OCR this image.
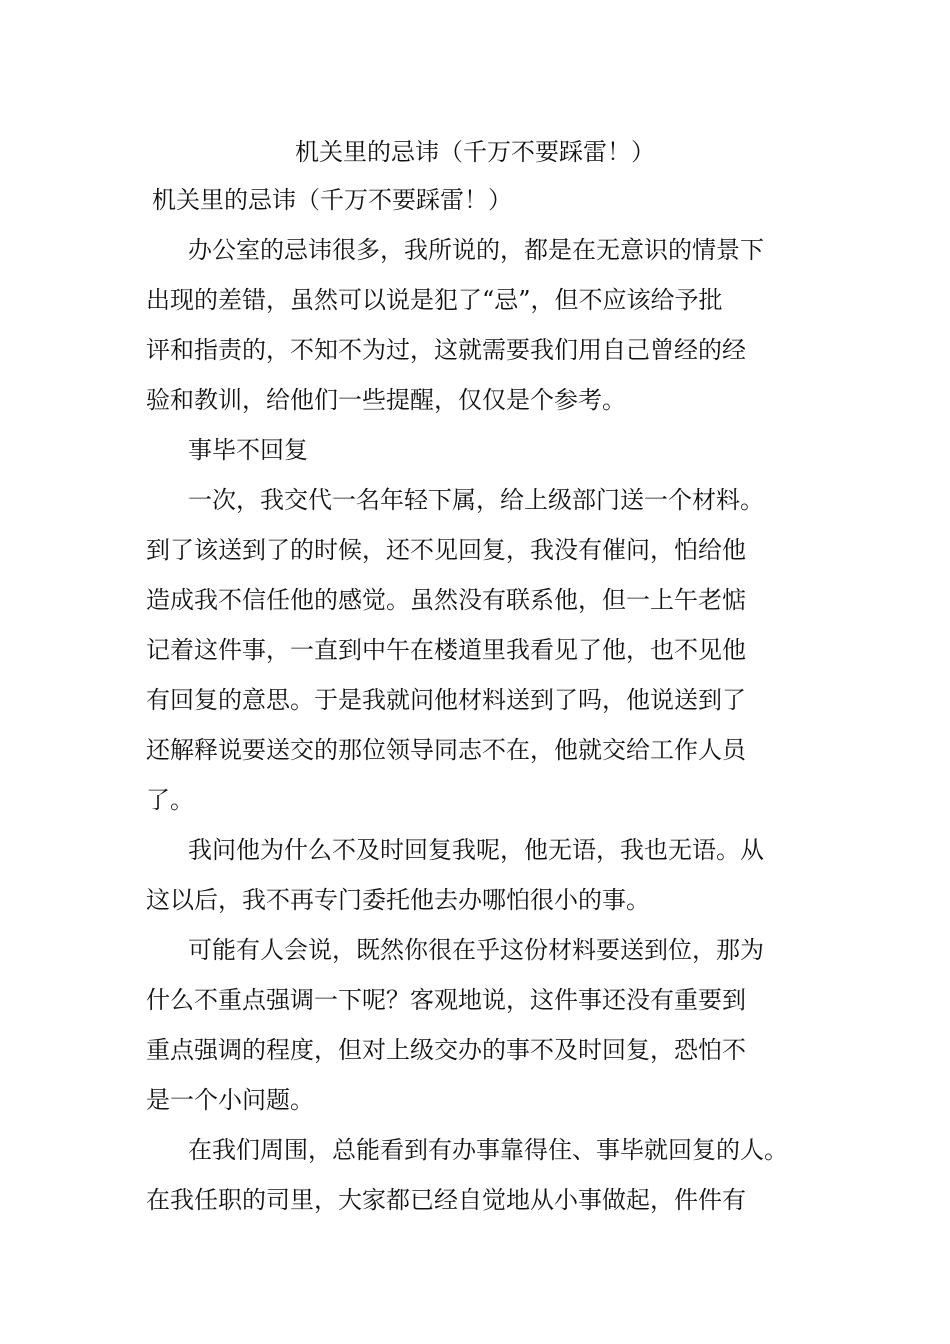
机关里的忌讳（千万不要踩雷！）
机关里的忌讳（千万不要踩雷！）
办公室的忌讳很多，我所说的，都是在无意识的情景下
出现的差错，虽然可以说是犯了“忌”，但不应该给予批
评和指责的，不知不为过，这就需要我们用自己曾经的经
验和教训，给他们一些提醒，仅仅是个参考。
事毕不回复
一次，我交代一名年轻下属，给上级部门送一个材料。
到了该送到了的时候，还不见回复，我没有催问，怕给他
造成我不信任他的感觉。虽然没有联系他，但一上午老惦
记着这件事，一直到中午在楼道里我看见了他，也不见他
有回复的意思。于是我就问他材料送到了吗，他说送到了
还解释说要送交的那位领导同志不在，他就交给工作人员
了。
我问他为什么不及时回复我呢，他无语，我也无语。从
这以后，我不再专门委托他去办哪怕很小的事。
可能有人会说，既然你很在乎这份材料要送到位，那为
什么不重点强调一下呢？客观地说，这件事还没有重要到
重点强调的程度，但对上级交办的事不及时回复，恐怕不
是一个小问题。
在我们周围，总能看到有办事靠得住、事毕就回复的人。
在我任职的司里，大家都已经自觉地从小事做起，件件有
